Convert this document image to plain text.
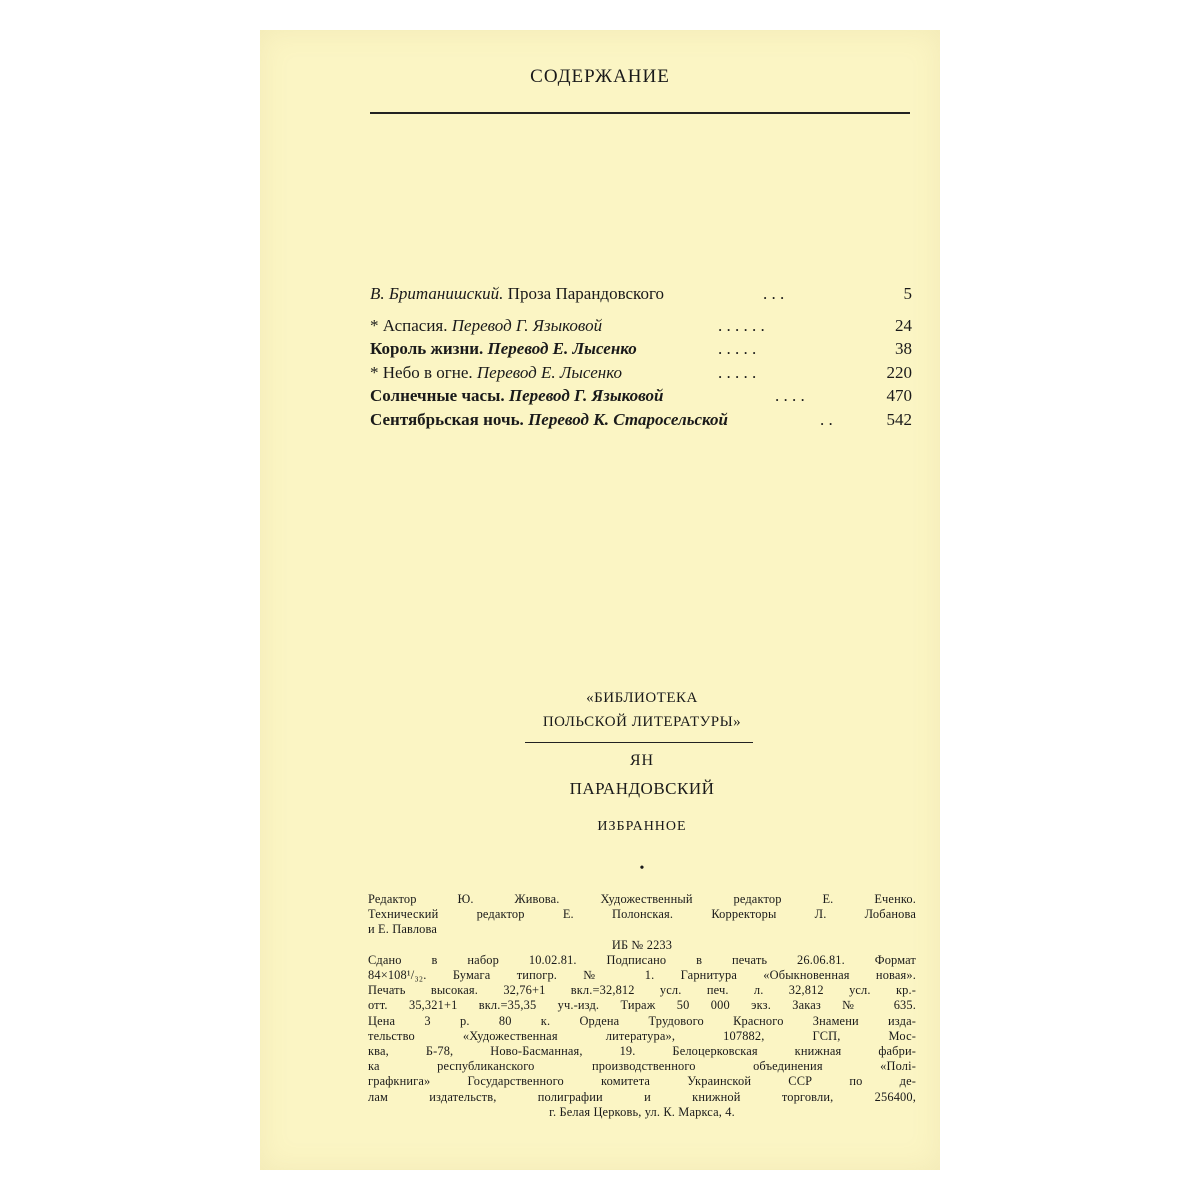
СОДЕРЖАНИЕ
В. Британишский. Проза Парандовского	. . .	5
* Аспасия. Перевод Г. Языковой	. . . . . .	24
Король жизни. Перевод Е. Лысенко	. . . . .	38
* Небо в огне. Перевод Е. Лысенко	. . . . .	220
Солнечные часы. Перевод Г. Языковой	. . . .	470
Сентябрьская ночь. Перевод К. Старосельской	. .	542
«БИБЛИОТЕКА
ПОЛЬСКОЙ ЛИТЕРАТУРЫ»
ЯН
ПАРАНДОВСКИЙ
ИЗБРАННОЕ
•
Редактор Ю. Живова. Художественный редактор Е. Еченко.
Технический редактор Е. Полонская. Корректоры Л. Лобанова
и Е. Павлова
ИБ № 2233
Сдано в набор 10.02.81. Подписано в печать 26.06.81. Формат
84×108¹/₃₂. Бумага типогр. № 1. Гарнитура «Обыкновенная новая».
Печать высокая. 32,76+1 вкл.=32,812 усл. печ. л. 32,812 усл. кр.-
отт. 35,321+1 вкл.=35,35 уч.-изд. Тираж 50 000 экз. Заказ № 635.
Цена 3 р. 80 к. Ордена Трудового Красного Знамени изда-
тельство «Художественная литература», 107882, ГСП, Мос-
ква, Б-78, Ново-Басманная, 19. Белоцерковская книжная фабри-
ка республиканского производственного объединения «Полі-
графкнига» Государственного комитета Украинской ССР по де-
лам издательств, полиграфии и книжной торговли, 256400,
г. Белая Церковь, ул. К. Маркса, 4.
